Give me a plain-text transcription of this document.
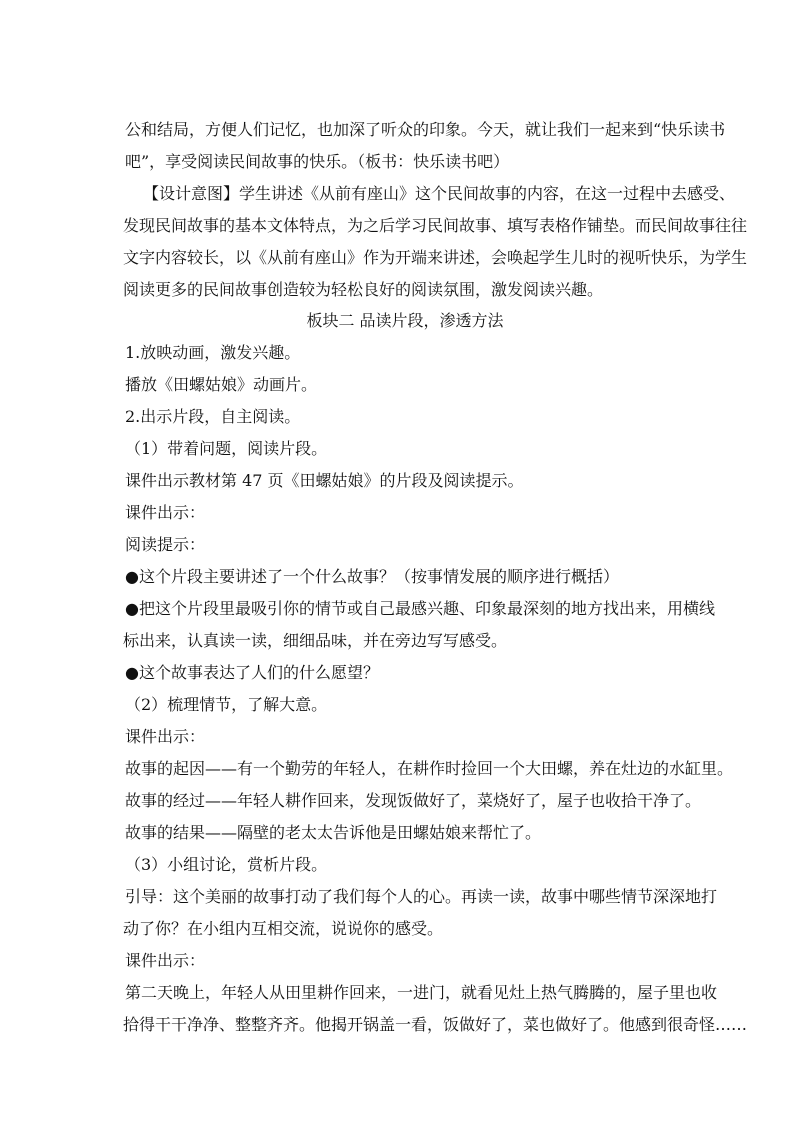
公和结局，方便人们记忆，也加深了听众的印象。今天，就让我们一起来到“快乐读书

吧”，享受阅读民间故事的快乐。（板书：快乐读书吧）

【设计意图】学生讲述《从前有座山》这个民间故事的内容，在这一过程中去感受、

发现民间故事的基本文体特点，为之后学习民间故事、填写表格作铺垫。而民间故事往往

文字内容较长，以《从前有座山》作为开端来讲述，会唤起学生儿时的视听快乐，为学生

阅读更多的民间故事创造较为轻松良好的阅读氛围，激发阅读兴趣。

板块二 品读片段，渗透方法

1.放映动画，激发兴趣。

播放《田螺姑娘》动画片。

2.出示片段，自主阅读。

（1）带着问题，阅读片段。

课件出示教材第 47 页《田螺姑娘》的片段及阅读提示。

课件出示：

阅读提示：

●这个片段主要讲述了一个什么故事？（按事情发展的顺序进行概括）

●把这个片段里最吸引你的情节或自己最感兴趣、印象最深刻的地方找出来，用横线

标出来，认真读一读，细细品味，并在旁边写写感受。

●这个故事表达了人们的什么愿望？

（2）梳理情节，了解大意。

课件出示：

故事的起因——有一个勤劳的年轻人，在耕作时捡回一个大田螺，养在灶边的水缸里。

故事的经过——年轻人耕作回来，发现饭做好了，菜烧好了，屋子也收拾干净了。

故事的结果——隔壁的老太太告诉他是田螺姑娘来帮忙了。

（3）小组讨论，赏析片段。

引导：这个美丽的故事打动了我们每个人的心。再读一读，故事中哪些情节深深地打

动了你？在小组内互相交流，说说你的感受。

课件出示：

第二天晚上，年轻人从田里耕作回来，一进门，就看见灶上热气腾腾的，屋子里也收

拾得干干净净、整整齐齐。他揭开锅盖一看，饭做好了，菜也做好了。他感到很奇怪……
